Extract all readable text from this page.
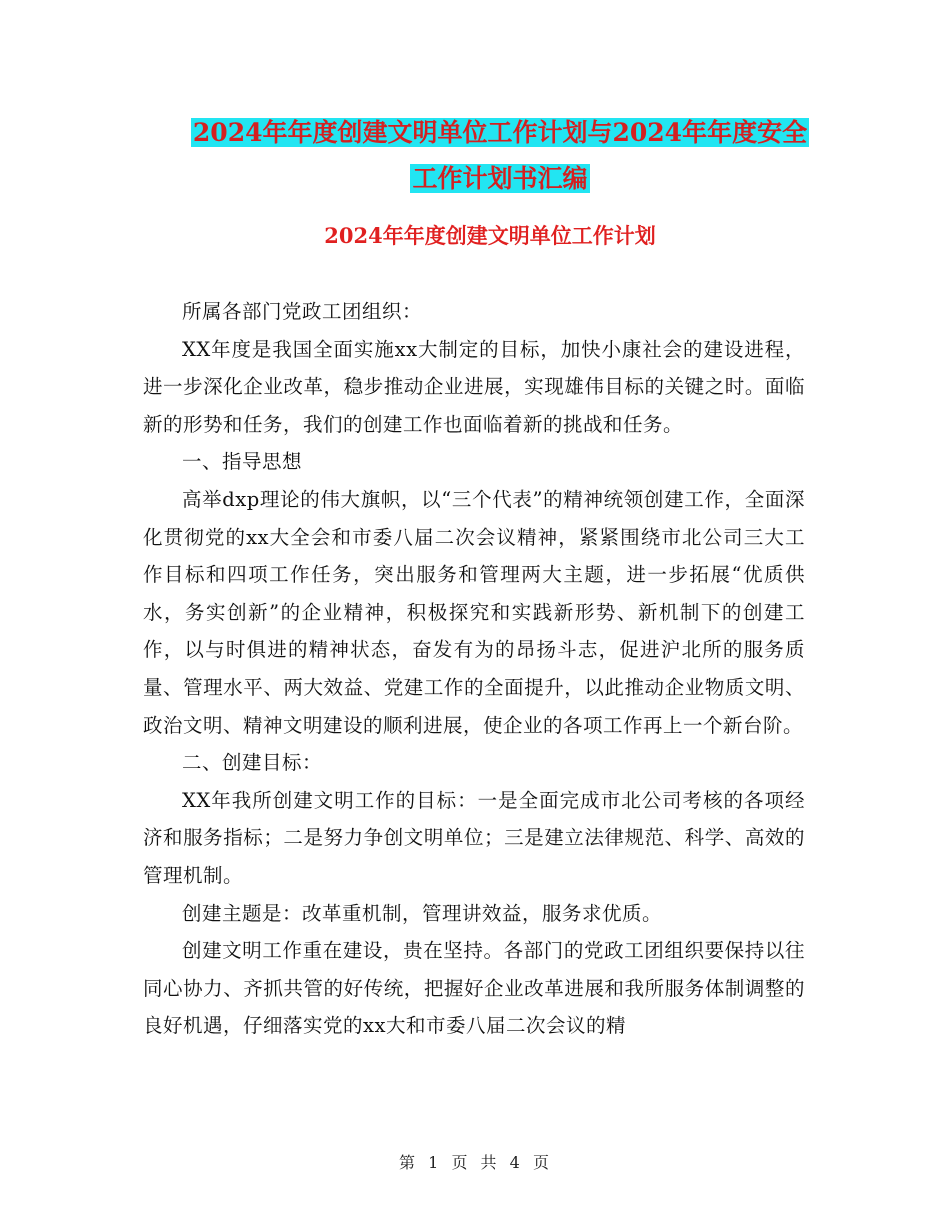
2024年年度创建文明单位工作计划与2024年年度安全
工作计划书汇编
2024年年度创建文明单位工作计划

所属各部门党政工团组织：

XX年度是我国全面实施xx大制定的目标，加快小康社会的建设进程，进一步深化企业改革，稳步推动企业进展，实现雄伟目标的关键之时。面临新的形势和任务，我们的创建工作也面临着新的挑战和任务。

一、指导思想

高举dxp理论的伟大旗帜，以“三个代表”的精神统领创建工作，全面深化贯彻党的xx大全会和市委八届二次会议精神，紧紧围绕市北公司三大工作目标和四项工作任务，突出服务和管理两大主题，进一步拓展“优质供水，务实创新”的企业精神，积极探究和实践新形势、新机制下的创建工作，以与时俱进的精神状态，奋发有为的昂扬斗志，促进沪北所的服务质量、管理水平、两大效益、党建工作的全面提升，以此推动企业物质文明、政治文明、精神文明建设的顺利进展，使企业的各项工作再上一个新台阶。

二、创建目标：

XX年我所创建文明工作的目标：一是全面完成市北公司考核的各项经济和服务指标；二是努力争创文明单位；三是建立法律规范、科学、高效的管理机制。

创建主题是：改革重机制，管理讲效益，服务求优质。

创建文明工作重在建设，贵在坚持。各部门的党政工团组织要保持以往同心协力、齐抓共管的好传统，把握好企业改革进展和我所服务体制调整的良好机遇，仔细落实党的xx大和市委八届二次会议的精

第 1 页 共 4 页
